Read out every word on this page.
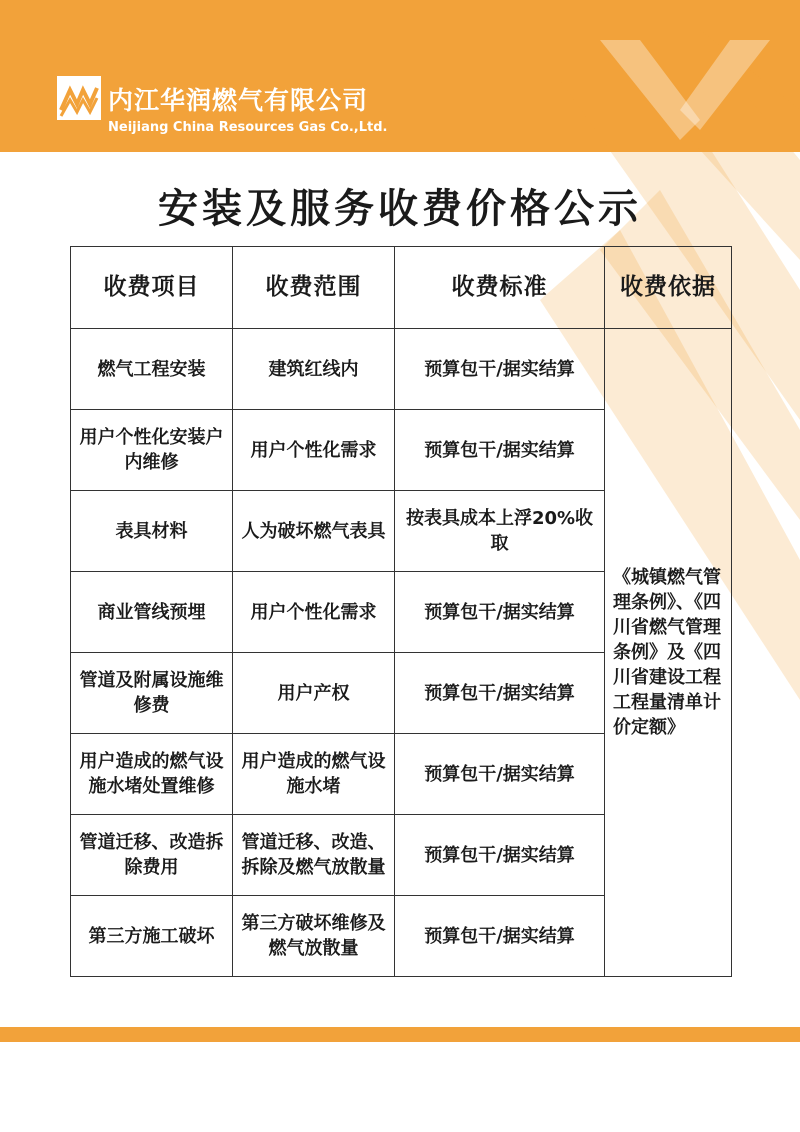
内江华润燃气有限公司
Neijiang China Resources Gas Co.,Ltd.
安装及服务收费价格公示
收费项目	收费范围	收费标准	收费依据
燃气工程安装	建筑红线内	预算包干/据实结算	《城镇燃气管理条例》、《四川省燃气管理条例》及《四川省建设工程工程量清单计价定额》
用户个性化安装户内维修	用户个性化需求	预算包干/据实结算	
表具材料	人为破坏燃气表具	按表具成本上浮20%收取	
商业管线预埋	用户个性化需求	预算包干/据实结算	
管道及附属设施维修费	用户产权	预算包干/据实结算	
用户造成的燃气设施水堵处置维修	用户造成的燃气设施水堵	预算包干/据实结算	
管道迁移、改造拆除费用	管道迁移、改造、拆除及燃气放散量	预算包干/据实结算	
第三方施工破坏	第三方破坏维修及燃气放散量	预算包干/据实结算	
